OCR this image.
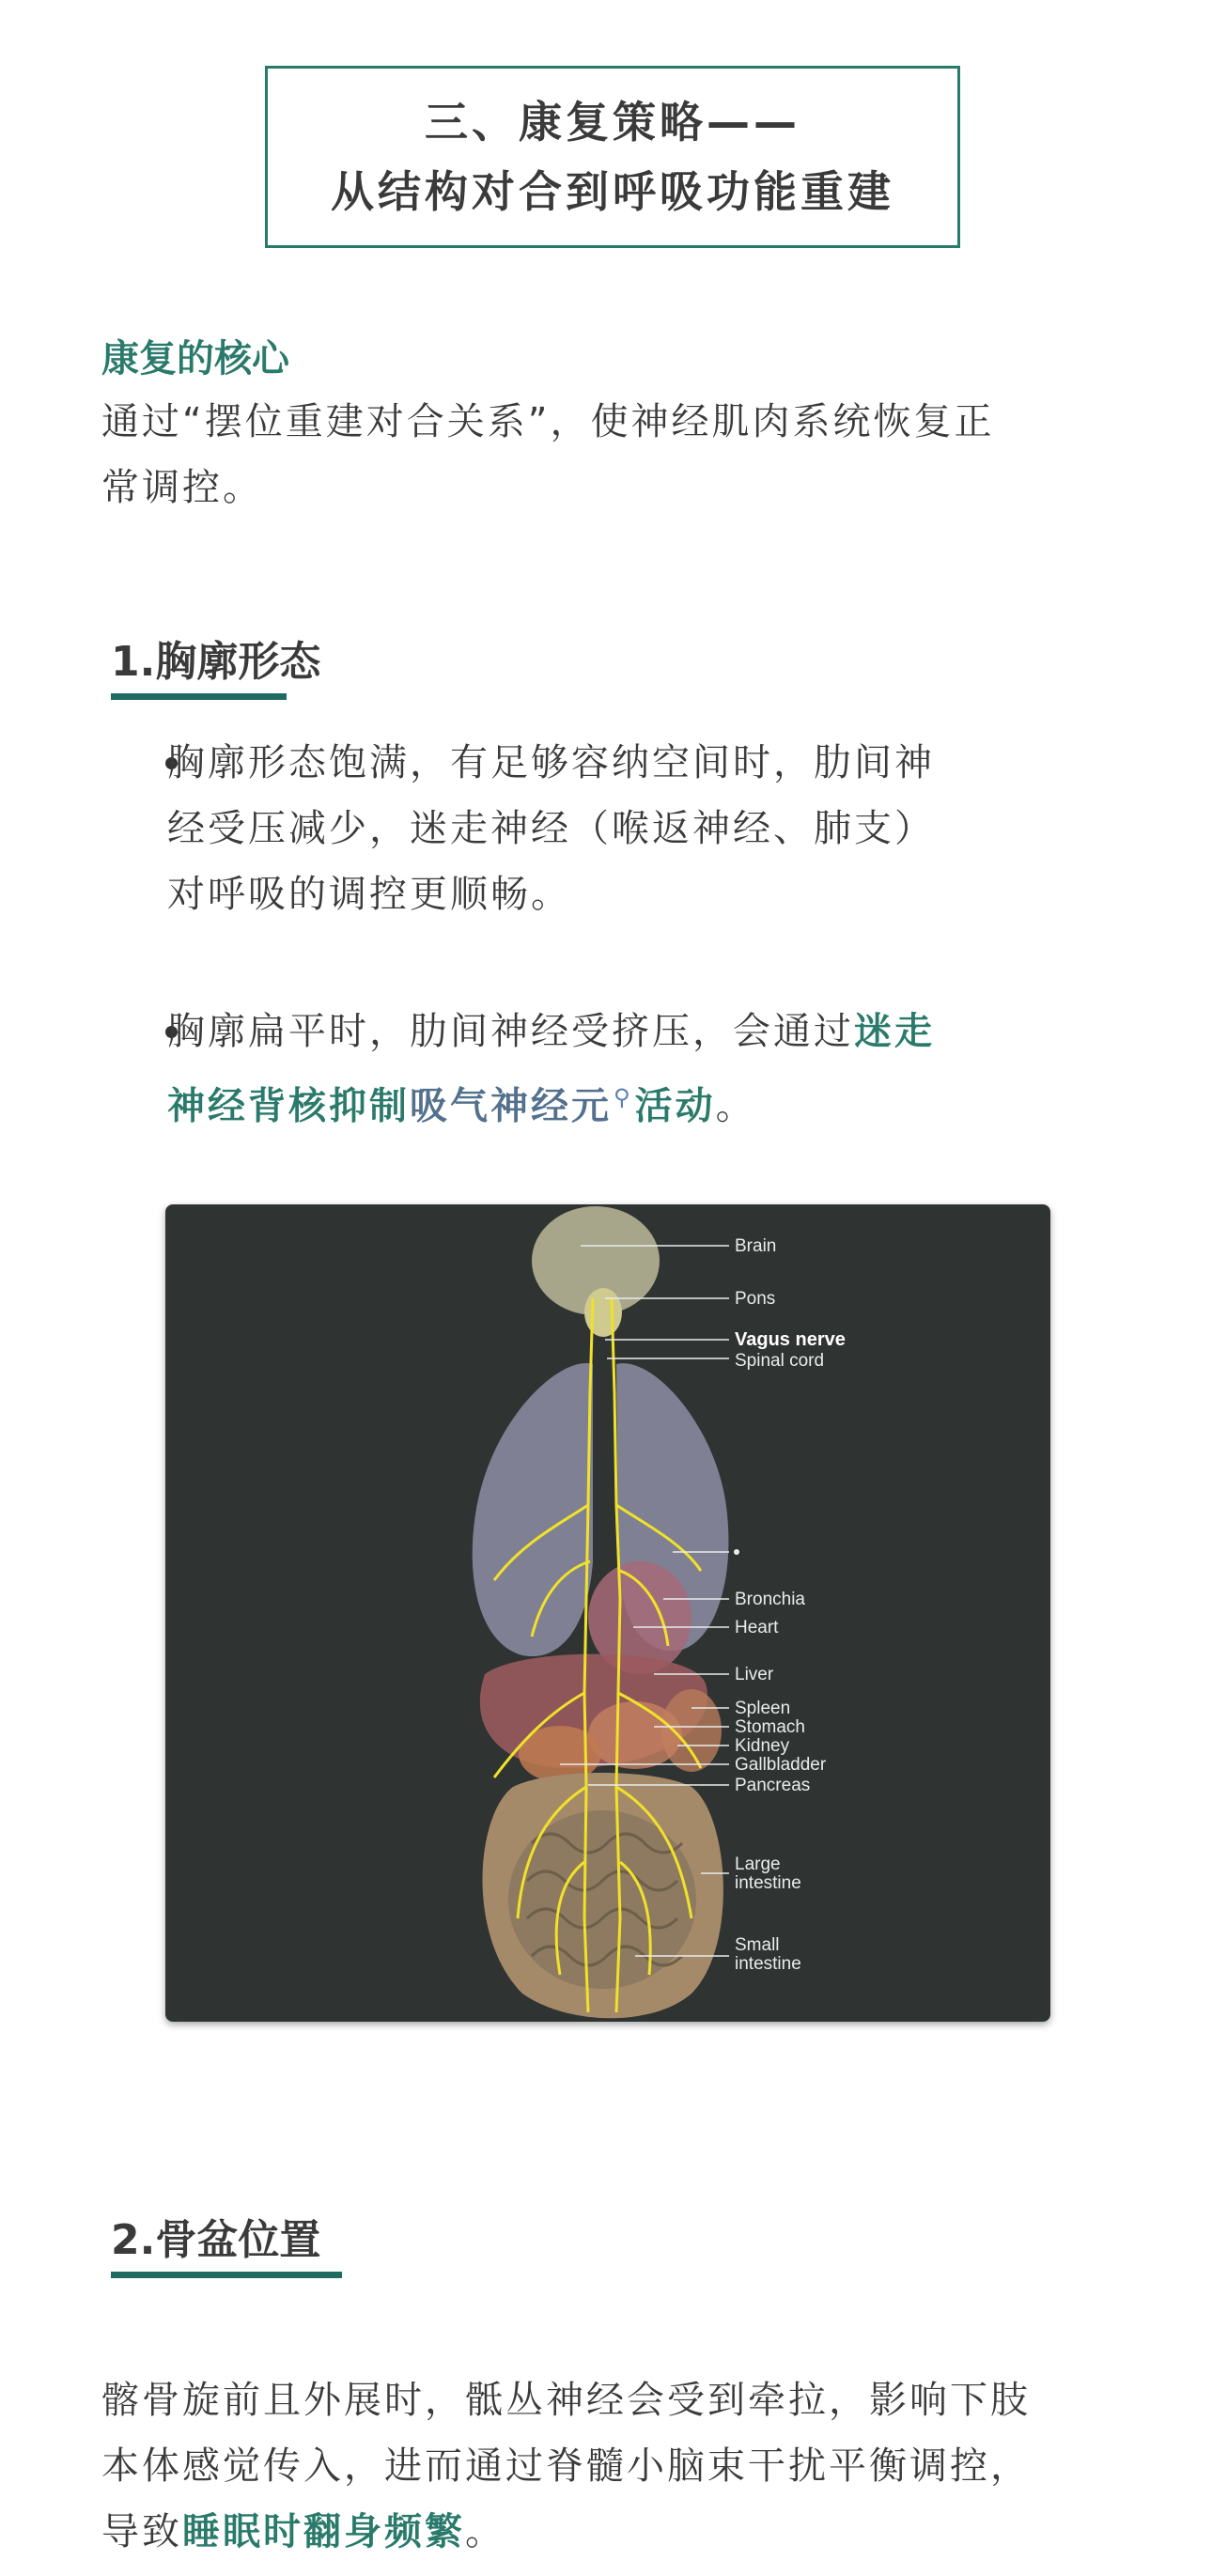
三、康复策略——
从结构对合到呼吸功能重建
康复的核心
通过“摆位重建对合关系”，使神经肌肉系统恢复正
常调控。
1.胸廓形态
胸廓形态饱满，有足够容纳空间时，肋间神
经受压减少，迷走神经（喉返神经、肺支）
对呼吸的调控更顺畅。
胸廓扁平时，肋间神经受挤压，会通过迷走
神经背核抑制吸气神经元⚲活动。
Brain
Pons
Vagus nerve
Spinal cord
Bronchia
Heart
Liver
Spleen
Stomach
Kidney
Gallbladder
Pancreas
Large
intestine
Small
intestine
2.骨盆位置
髂骨旋前且外展时，骶丛神经会受到牵拉，影响下肢
本体感觉传入，进而通过脊髓小脑束干扰平衡调控，
导致睡眠时翻身频繁。
